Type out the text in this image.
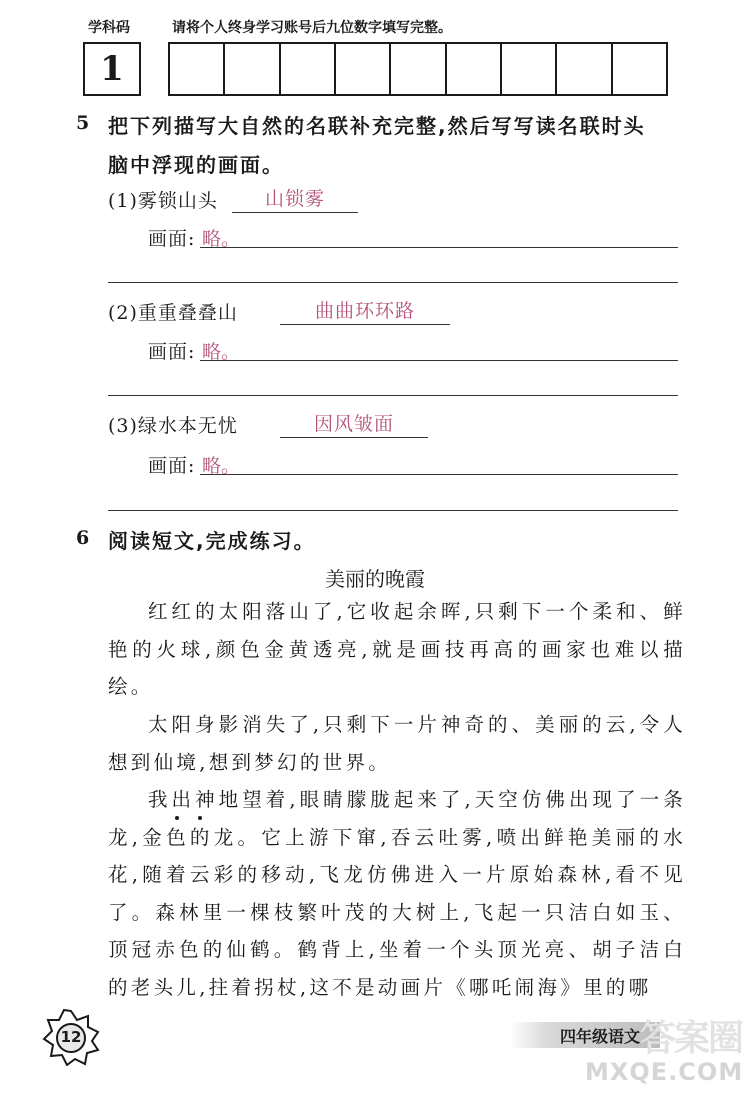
学科码	请将个人终身学习账号后九位数字填写完整。
1
5 把下列描写大自然的名联补充完整,然后写写读名联时头
脑中浮现的画面。
(1)雾锁山头	山锁雾
画面: 略。
(2)重重叠叠山	曲曲环环路
画面: 略。
(3)绿水本无忧	因风皱面
画面: 略。
6 阅读短文,完成练习。
美丽的晚霞
红红的太阳落山了,它收起余晖,只剩下一个柔和、鲜艳的火球,颜色金黄透亮,就是画技再高的画家也难以描绘。
太阳身影消失了,只剩下一片神奇的、美丽的云,令人想到仙境,想到梦幻的世界。
我出神地望着,眼睛朦胧起来了,天空仿佛出现了一条龙,金色的龙。它上游下窜,吞云吐雾,喷出鲜艳美丽的水花,随着云彩的移动,飞龙仿佛进入一片原始森林,看不见了。森林里一棵枝繁叶茂的大树上,飞起一只洁白如玉、顶冠赤色的仙鹤。鹤背上,坐着一个头顶光亮、胡子洁白的老头儿,拄着拐杖,这不是动画片《哪吒闹海》里的哪
12	四年级语文 答案圈
MXQE.COM
